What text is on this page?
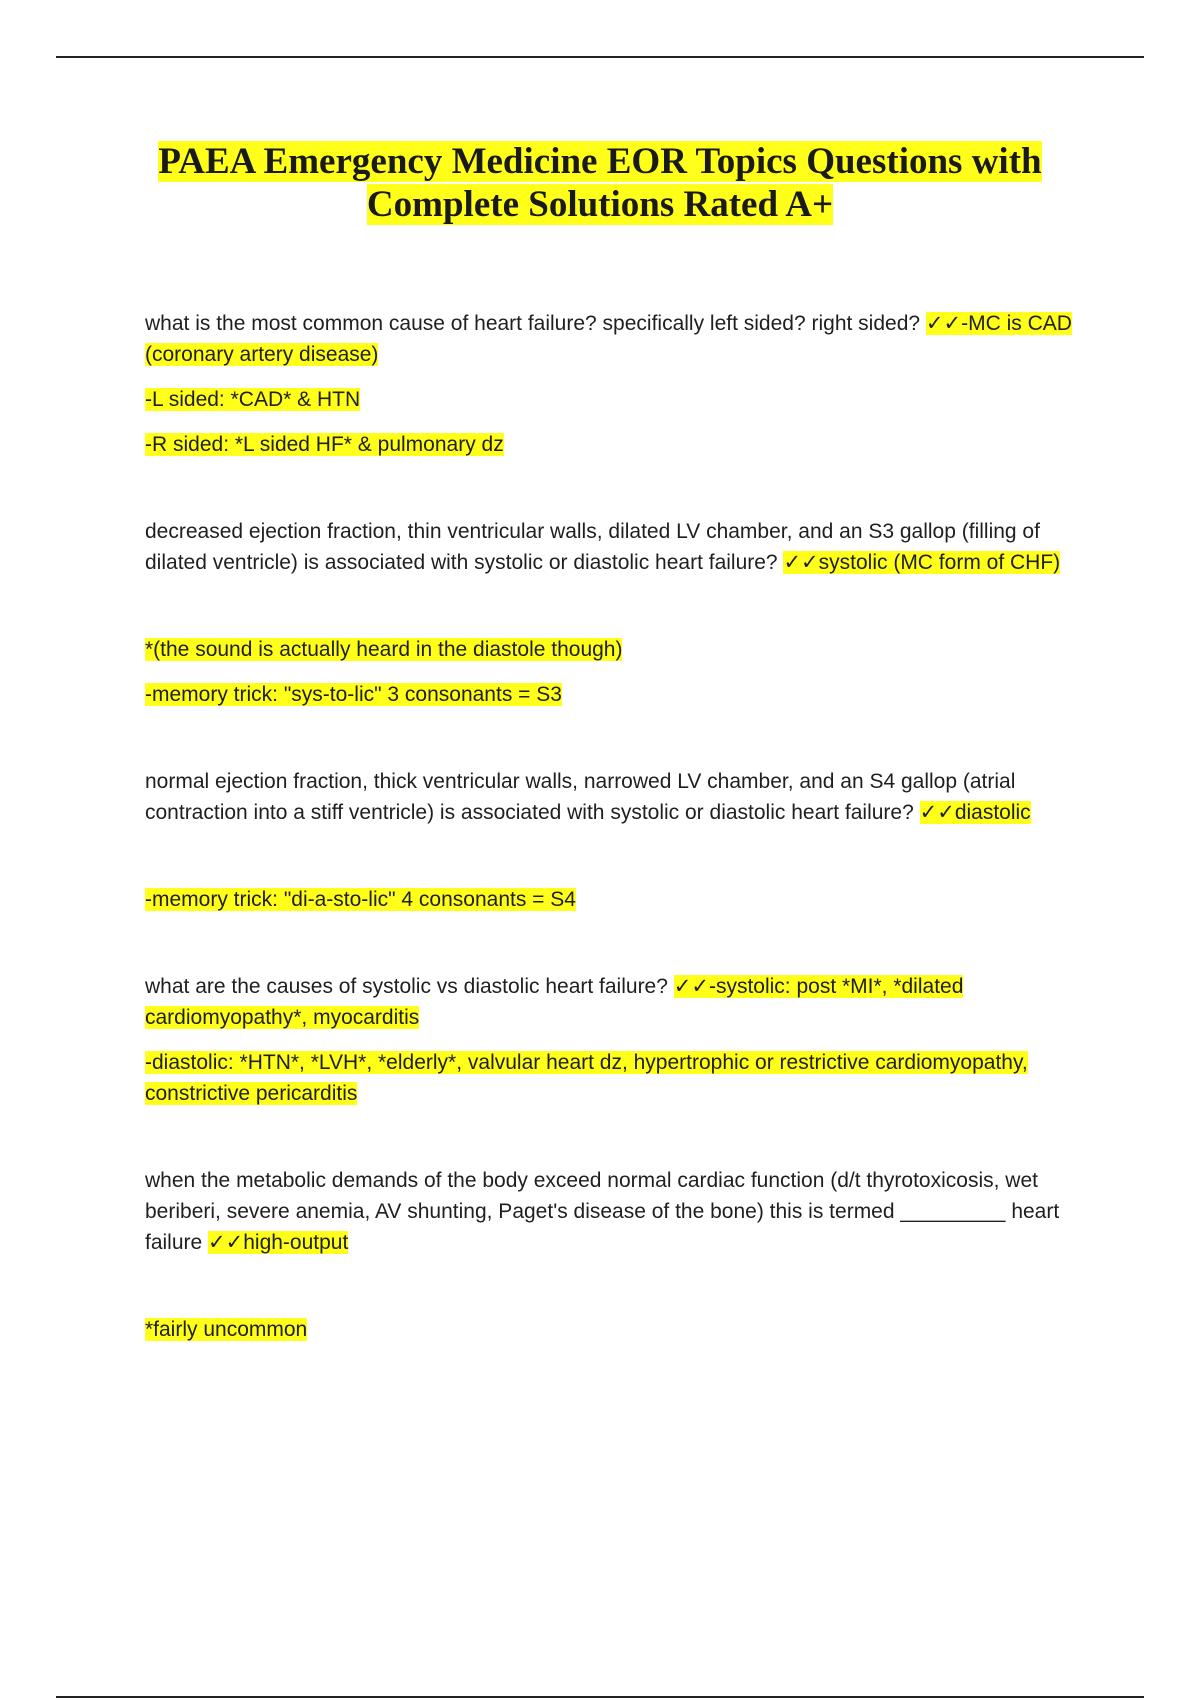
PAEA Emergency Medicine EOR Topics Questions with
Complete Solutions Rated A+

what is the most common cause of heart failure? specifically left sided? right sided? ✓✓-MC is CAD (coronary artery disease)

-L sided: *CAD* & HTN

-R sided: *L sided HF* & pulmonary dz

decreased ejection fraction, thin ventricular walls, dilated LV chamber, and an S3 gallop (filling of dilated ventricle) is associated with systolic or diastolic heart failure? ✓✓systolic (MC form of CHF)

*(the sound is actually heard in the diastole though)

-memory trick: "sys-to-lic" 3 consonants = S3

normal ejection fraction, thick ventricular walls, narrowed LV chamber, and an S4 gallop (atrial contraction into a stiff ventricle) is associated with systolic or diastolic heart failure? ✓✓diastolic

-memory trick: "di-a-sto-lic" 4 consonants = S4

what are the causes of systolic vs diastolic heart failure? ✓✓-systolic: post *MI*, *dilated cardiomyopathy*, myocarditis

-diastolic: *HTN*, *LVH*, *elderly*, valvular heart dz, hypertrophic or restrictive cardiomyopathy, constrictive pericarditis

when the metabolic demands of the body exceed normal cardiac function (d/t thyrotoxicosis, wet beriberi, severe anemia, AV shunting, Paget's disease of the bone) this is termed _________ heart failure ✓✓high-output

*fairly uncommon
